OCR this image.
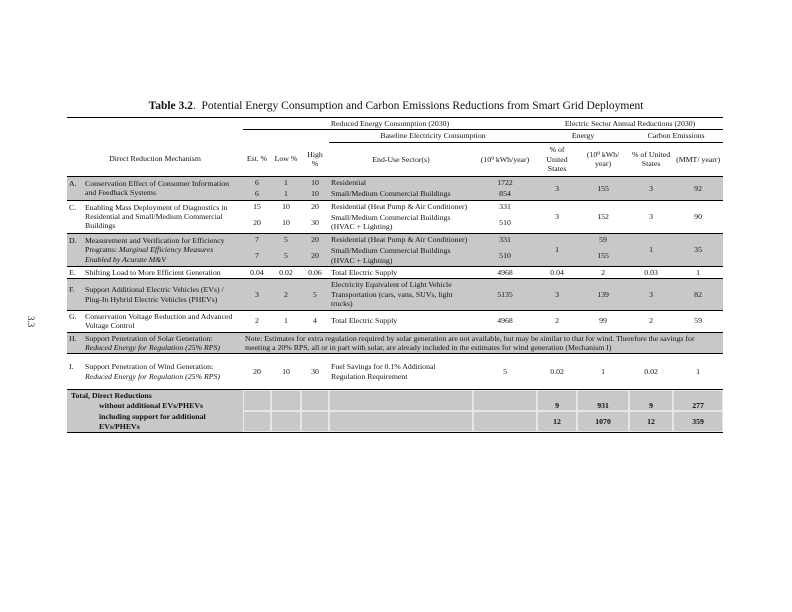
Table 3.2.  Potential Energy Consumption and Carbon Emissions Reductions from Smart Grid Deployment
3.3
	Reduced Energy Consumption (2030)					Electric Sector Annual Reductions (2030)			
				Baseline Electricity Consumption		Energy		Carbon Emissions	
Direct Reduction Mechanism	Est. %	Low %	High %	End-Use Sector(s)	(10⁹ kWh/year)	% of United States	(10⁹ kWh/ year)	% of United States	(MMT/ yearr)

A. Conservation Effect of Consumer Information and Feedback Systems	6	1	10	Residential	1722	3	155	3	92
	6	1	10	Small/Medium Commercial Buildings	854				

C. Enabling Mass Deployment of Diagnostics in Residential and Small/Medium Commercial Buildings	15	10	20	Residential (Heat Pump & Air Conditioner)	331	3	152	3	90
	20	10	30	Small/Medium Commercial Buildings (HVAC + Lighting)	510				

D. Measurement and Verification for Efficiency Programs: Marginal Efficiency Measures Enabled by Acurate M&V	7	5	20	Residential (Heat Pump & Air Conditioner)	331	1	59	1	35
	7	5	20	Small/Medium Commercial Buildings (HVAC + Lighting)	510		155		

E. Shifting Load to More Efficient Generation	0.04	0.02	0.06	Total Electric Supply	4968	0.04	2	0.03	1

F. Support Additional Electric Vehicles (EVs) / Plug-In Hybrid Electric Vehicles (PHEVs)	3	2	5	Electricity Equivalent of Light Vehicle Transportation (cars, vans, SUVs, light trucks)	5135	3	139	3	82

G. Conservation Voltage Reduction and Advanced Voltage Control	2	1	4	Total Electric Supply	4968	2	99	2	59

H. Support Penetration of Solar Generation: Reduced Energy for Regulation (25% RPS)	Note: Estimates for extra regulation required by solar generation are not available, but may be similar to that for wind. Therefore the savings for meeting a 20% RPS, all or in part with solar, are already included in the estimates for wind generation (Mechanism I)								

I. Support Penetration of Wind Generation: Reduced Energy for Regulation (25% RPS)	20	10	30	Fuel Savings for 0.1% Additional Regulation Requirement	5	0.02	1	0.02	1

Total, Direct Reductions
without additional EVs/PHEVs						9	931	9	277

including support for additional EVs/PHEVs						12	1070	12	359
